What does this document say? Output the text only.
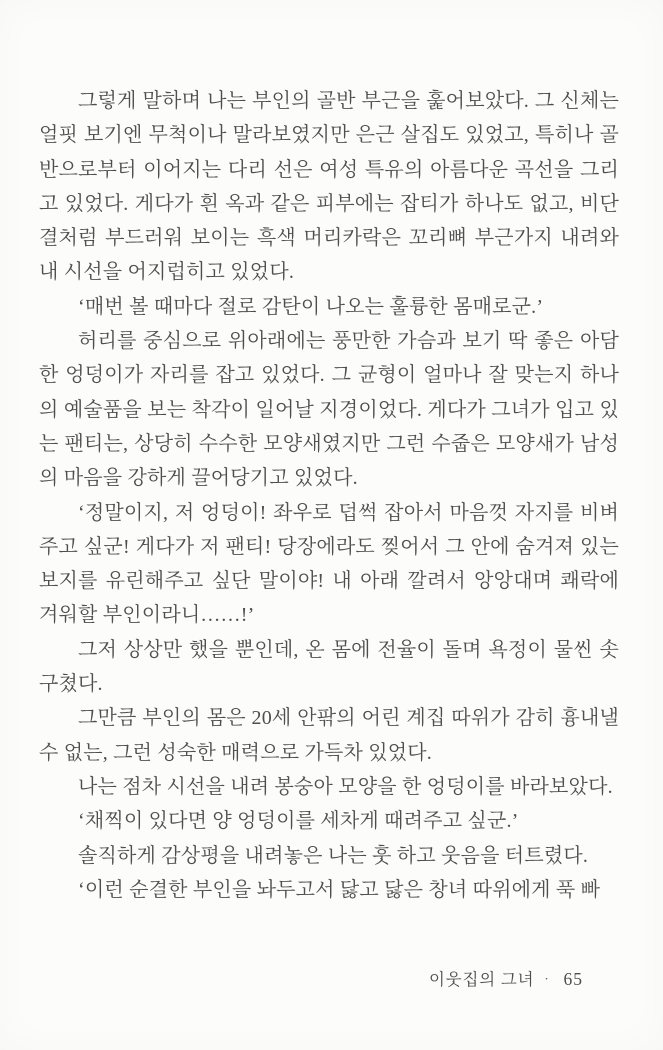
그렇게 말하며 나는 부인의 골반 부근을 훑어보았다. 그 신체는 얼핏 보기엔 무척이나 말라보였지만 은근 살집도 있었고, 특히나 골반으로부터 이어지는 다리 선은 여성 특유의 아름다운 곡선을 그리고 있었다. 게다가 흰 옥과 같은 피부에는 잡티가 하나도 없고, 비단결처럼 부드러워 보이는 흑색 머리카락은 꼬리뼈 부근가지 내려와 내 시선을 어지럽히고 있었다.

‘매번 볼 때마다 절로 감탄이 나오는 훌륭한 몸매로군.’

허리를 중심으로 위아래에는 풍만한 가슴과 보기 딱 좋은 아담한 엉덩이가 자리를 잡고 있었다. 그 균형이 얼마나 잘 맞는지 하나의 예술품을 보는 착각이 일어날 지경이었다. 게다가 그녀가 입고 있는 팬티는, 상당히 수수한 모양새였지만 그런 수줍은 모양새가 남성의 마음을 강하게 끌어당기고 있었다.

‘정말이지, 저 엉덩이! 좌우로 덥썩 잡아서 마음껏 자지를 비벼주고 싶군! 게다가 저 팬티! 당장에라도 찢어서 그 안에 숨겨져 있는 보지를 유린해주고 싶단 말이야! 내 아래 깔려서 앙앙대며 쾌락에 겨워할 부인이라니……!’

그저 상상만 했을 뿐인데, 온 몸에 전율이 돌며 욕정이 물씬 솟구쳤다.

그만큼 부인의 몸은 20세 안팎의 어린 계집 따위가 감히 흉내낼 수 없는, 그런 성숙한 매력으로 가득차 있었다.

나는 점차 시선을 내려 봉숭아 모양을 한 엉덩이를 바라보았다.

‘채찍이 있다면 양 엉덩이를 세차게 때려주고 싶군.’

솔직하게 감상평을 내려놓은 나는 훗 하고 웃음을 터트렸다.

‘이런 순결한 부인을 놔두고서 닳고 닳은 창녀 따위에게 푹 빠

이웃집의 그녀 · 65
